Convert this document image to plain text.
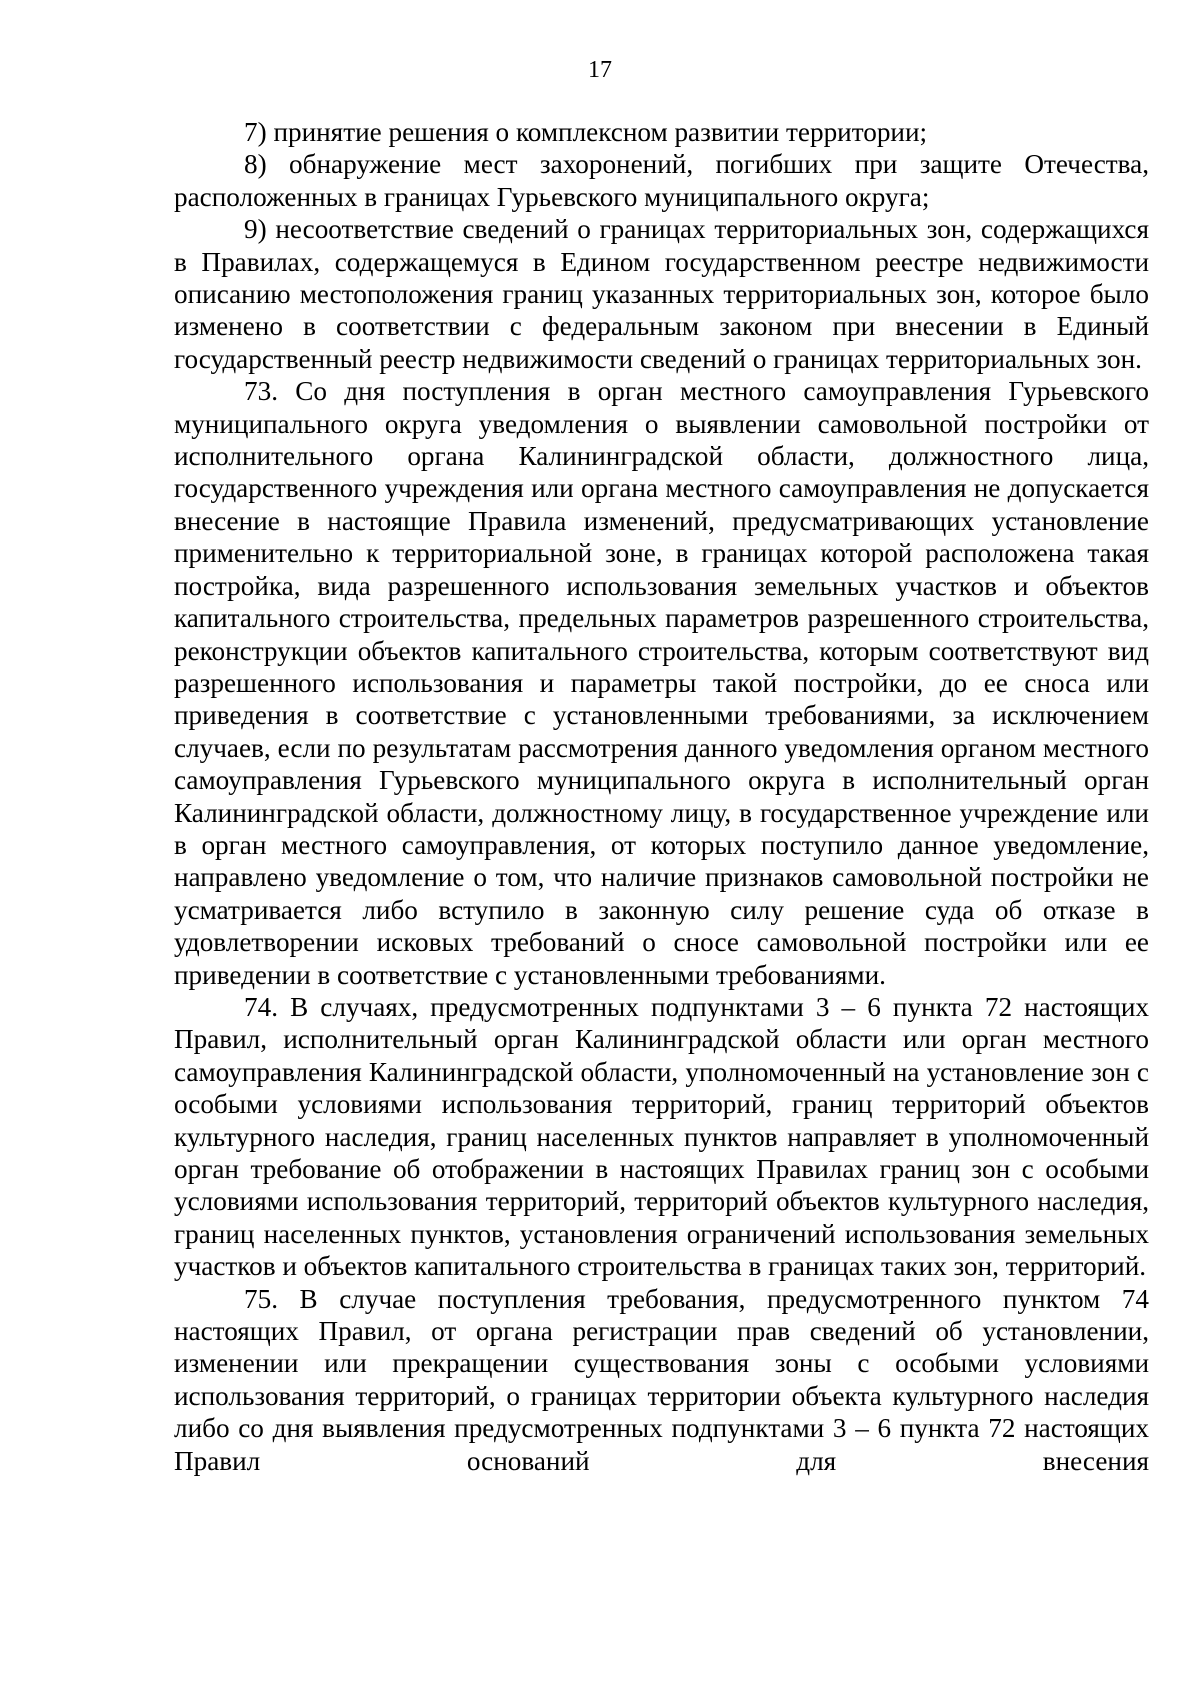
17

7) принятие решения о комплексном развитии территории;

8) обнаружение мест захоронений, погибших при защите Отечества, расположенных в границах Гурьевского муниципального округа;

9) несоответствие сведений о границах территориальных зон, содержащихся в Правилах, содержащемуся в Едином государственном реестре недвижимости описанию местоположения границ указанных территориальных зон, которое было изменено в соответствии с федеральным законом при внесении в Единый государственный реестр недвижимости сведений о границах территориальных зон.

73. Со дня поступления в орган местного самоуправления Гурьевского муниципального округа уведомления о выявлении самовольной постройки от исполнительного органа Калининградской области, должностного лица, государственного учреждения или органа местного самоуправления не допускается внесение в настоящие Правила изменений, предусматривающих установление применительно к территориальной зоне, в границах которой расположена такая постройка, вида разрешенного использования земельных участков и объектов капитального строительства, предельных параметров разрешенного строительства, реконструкции объектов капитального строительства, которым соответствуют вид разрешенного использования и параметры такой постройки, до ее сноса или приведения в соответствие с установленными требованиями, за исключением случаев, если по результатам рассмотрения данного уведомления органом местного самоуправления Гурьевского муниципального округа в исполнительный орган Калининградской области, должностному лицу, в государственное учреждение или в орган местного самоуправления, от которых поступило данное уведомление, направлено уведомление о том, что наличие признаков самовольной постройки не усматривается либо вступило в законную силу решение суда об отказе в удовлетворении исковых требований о сносе самовольной постройки или ее приведении в соответствие с установленными требованиями.

74. В случаях, предусмотренных подпунктами 3 – 6 пункта 72 настоящих Правил, исполнительный орган Калининградской области или орган местного самоуправления Калининградской области, уполномоченный на установление зон с особыми условиями использования территорий, границ территорий объектов культурного наследия, границ населенных пунктов направляет в уполномоченный орган требование об отображении в настоящих Правилах границ зон с особыми условиями использования территорий, территорий объектов культурного наследия, границ населенных пунктов, установления ограничений использования земельных участков и объектов капитального строительства в границах таких зон, территорий.

75. В случае поступления требования, предусмотренного пунктом 74 настоящих Правил, от органа регистрации прав сведений об установлении, изменении или прекращении существования зоны с особыми условиями использования территорий, о границах территории объекта культурного наследия либо со дня выявления предусмотренных подпунктами 3 – 6 пункта 72 настоящих Правил оснований для внесения
